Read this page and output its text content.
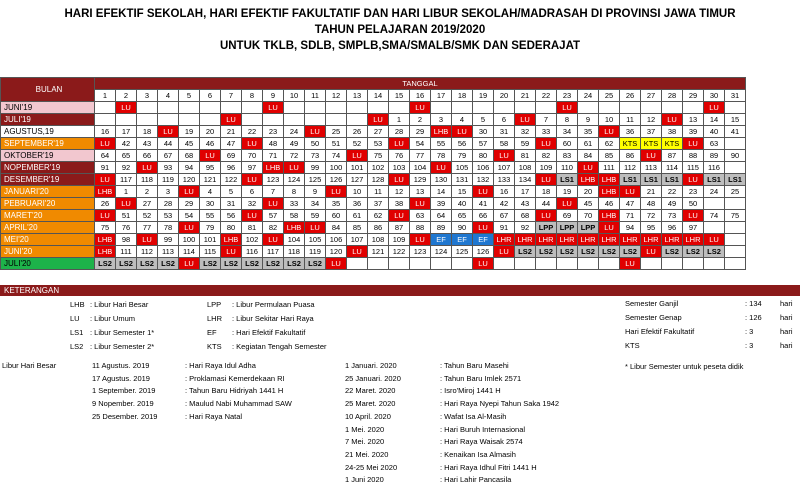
HARI EFEKTIF SEKOLAH, HARI EFEKTIF FAKULTATIF DAN HARI LIBUR SEKOLAH/MADRASAH DI PROVINSI JAWA TIMUR
TAHUN PELAJARAN 2019/2020
UNTUK TKLB, SDLB, SMPLB,SMA/SMALB/SMK DAN SEDERAJAT
BULAN	TANGGAL																														
	1	2	3	4	5	6	7	8	9	10	11	12	13	14	15	16	17	18	19	20	21	22	23	24	25	26	27	28	29	30	31
JUNI'19		LU							LU							LU							LU							LU	
JULI'19							LU							LU	1	2	3	4	5	6	LU	7	8	9	10	11	12	LU	13	14	15
AGUSTUS,19	16	17	18	LU	19	20	21	22	23	24	LU	25	26	27	28	29	LHB	LU	30	31	32	33	34	35	LU	36	37	38	39	40	41
SEPTEMBER'19	LU	42	43	44	45	46	47	LU	48	49	50	51	52	53	LU	54	55	56	57	58	59	LU	60	61	62	KTS	KTS	KTS	LU	63	
OKTOBER'19	64	65	66	67	68	LU	69	70	71	72	73	74	LU	75	76	77	78	79	80	LU	81	82	83	84	85	86	LU	87	88	89	90
NOPEMBER'19	91	92	LU	93	94	95	96	97	LHB	LU	99	100	101	102	103	104	LU	105	106	107	108	109	110	LU	111	112	113	114	115	116	
DESEMBER'19	LU	117	118	119	120	121	122	LU	123	124	125	126	127	128	LU	129	130	131	132	133	134	LU	LS1	LHB	LHB	LS1	LS1	LS1	LU	LS1	LS1
JANUARI'20	LHB	1	2	3	LU	4	5	6	7	8	9	LU	10	11	12	13	14	15	LU	16	17	18	19	20	LHB	LU	21	22	23	24	25
PEBRUARI'20	26	LU	27	28	29	30	31	32	LU	33	34	35	36	37	38	LU	39	40	41	42	43	44	LU	45	46	47	48	49	50		
MARET'20	LU	51	52	53	54	55	56	LU	57	58	59	60	61	62	LU	63	64	65	66	67	68	LU	69	70	LHB	71	72	73	LU	74	75
APRIL'20	75	76	77	78	LU	79	80	81	82	LHB	LU	84	85	86	87	88	89	90	LU	91	92	LPP	LPP	LPP	LU	94	95	96	97		
MEI'20	LHB	98	LU	99	100	101	LHB	102	LU	104	105	106	107	108	109	LU	EF	EF	EF	LHR	LHR	LHR	LHR	LHR	LHR	LHR	LHR	LHR	LHR	LU	
JUNI'20	LHB	111	112	113	114	115	LU	116	117	118	119	120	LU	121	122	123	124	125	126	LU	LS2	LS2	LS2	LS2	LS2	LS2	LU	LS2	LS2	LS2	
JULI'20	LS2	LS2	LS2	LS2	LU	LS2	LS2	LS2	LS2	LS2	LS2	LU							LU							LU					
KETERANGAN
LHB : Libur Hari Besar
LU : Libur Umum
LS1 : Libur Semester 1*
LS2 : Libur Semester 2*
LPP : Libur Permulaan Puasa
LHR : Libur Sekitar Hari Raya
EF : Hari Efektif Fakultatif
KTS : Kegiatan Tengah Semester
Semester Ganjil	: 134 hari
Semester Genap	: 126 hari
Hari Efektif Fakultatif	: 3	hari
KTS	: 3	hari
* Libur Semester untuk peseta didik
Libur Hari Besar	11 Agustus. 2019	: Hari Raya Idul Adha
17 Agustus. 2019	: Proklamasi Kemerdekaan RI
1 September. 2019	: Tahun Baru Hidriyah 1441 H
9 Nopember. 2019	: Maulud Nabi Muhammad SAW
25 Desember. 2019	: Hari Raya Natal
1 Januari. 2020	: Tahun Baru Masehi
25 Januari. 2020	: Tahun Baru Imlek 2571
22 Maret. 2020	: Isro'Miroj 1441 H
25 Maret. 2020	: Hari Raya Nyepi Tahun Saka 1942
10 April. 2020	: Wafat Isa Al-Masih
1 Mei. 2020	: Hari Buruh Internasional
7 Mei. 2020	: Hari Raya Waisak 2574
21 Mei. 2020	: Kenaikan Isa Almasih
24-25 Mei 2020	: Hari Raya Idhul Fitri 1441 H
1 Juni 2020	: Hari Lahir Pancasila
